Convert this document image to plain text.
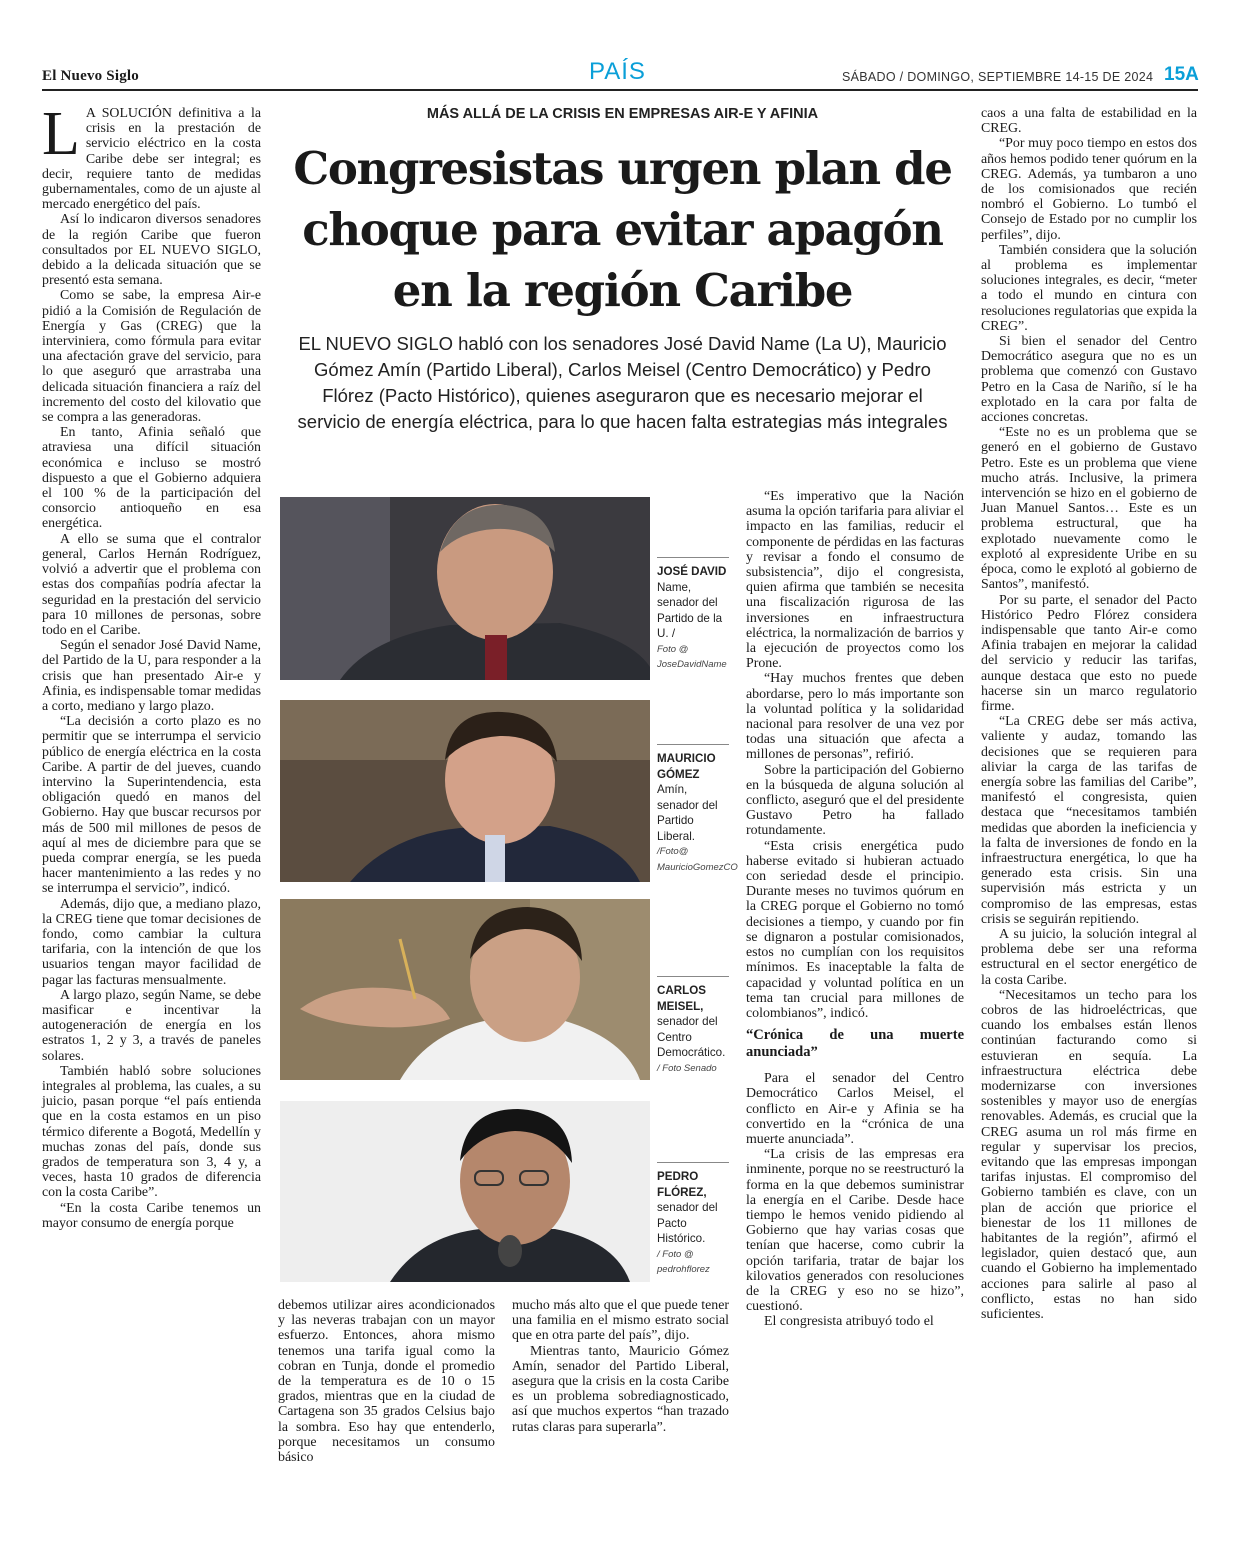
El Nuevo Siglo	PAÍS	SÁBADO / DOMINGO, SEPTIEMBRE 14-15 DE 2024 15A

L A SOLUCIÓN definitiva a la crisis en la prestación de servicio eléctrico en la costa Caribe debe ser integral; es decir, requiere tanto de medidas gubernamentales, como de un ajuste al mercado energético del país.

Así lo indicaron diversos senadores de la región Caribe que fueron consultados por EL NUEVO SIGLO, debido a la delicada situación que se presentó esta semana.

Como se sabe, la empresa Air-e pidió a la Comisión de Regulación de Energía y Gas (CREG) que la interviniera, como fórmula para evitar una afectación grave del servicio, para lo que aseguró que arrastraba una delicada situación financiera a raíz del incremento del costo del kilovatio que se compra a las generadoras.

En tanto, Afinia señaló que atraviesa una difícil situación económica e incluso se mostró dispuesto a que el Gobierno adquiera el 100 % de la participación del consorcio antioqueño en esa energética.

A ello se suma que el contralor general, Carlos Hernán Rodríguez, volvió a advertir que el problema con estas dos compañías podría afectar la seguridad en la prestación del servicio para 10 millones de personas, sobre todo en el Caribe.

Según el senador José David Name, del Partido de la U, para responder a la crisis que han presentado Air-e y Afinia, es indispensable tomar medidas a corto, mediano y largo plazo.

“La decisión a corto plazo es no permitir que se interrumpa el servicio público de energía eléctrica en la costa Caribe. A partir de del jueves, cuando intervino la Superintendencia, esta obligación quedó en manos del Gobierno. Hay que buscar recursos por más de 500 mil millones de pesos de aquí al mes de diciembre para que se pueda comprar energía, se les pueda hacer mantenimiento a las redes y no se interrumpa el servicio”, indicó.

Además, dijo que, a mediano plazo, la CREG tiene que tomar decisiones de fondo, como cambiar la cultura tarifaria, con la intención de que los usuarios tengan mayor facilidad de pagar las facturas mensualmente.

A largo plazo, según Name, se debe masificar e incentivar la autogeneración de energía en los estratos 1, 2 y 3, a través de paneles solares.

También habló sobre soluciones integrales al problema, las cuales, a su juicio, pasan porque “el país entienda que en la costa estamos en un piso térmico diferente a Bogotá, Medellín y muchas zonas del país, donde sus grados de temperatura son 3, 4 y, a veces, hasta 10 grados de diferencia con la costa Caribe”.

“En la costa Caribe tenemos un mayor consumo de energía porque

MÁS ALLÁ DE LA CRISIS EN EMPRESAS AIR-E Y AFINIA
Congresistas urgen plan de choque para evitar apagón en la región Caribe
EL NUEVO SIGLO habló con los senadores José David Name (La U), Mauricio Gómez Amín (Partido Liberal), Carlos Meisel (Centro Democrático) y Pedro Flórez (Pacto Histórico), quienes aseguraron que es necesario mejorar el servicio de energía eléctrica, para lo que hacen falta estrategias más integrales
JOSÉ DAVID
Name, senador del Partido de la U. /
Foto @ JoseDavidName
MAURICIO GÓMEZ
Amín, senador del Partido Liberal.
/Foto@ MauricioGomezCO
CARLOS MEISEL,
senador del Centro Democrático.
/ Foto Senado
PEDRO FLÓREZ,
senador del Pacto Histórico.
/ Foto @ pedrohflorez

debemos utilizar aires acondicionados y las neveras trabajan con un mayor esfuerzo. Entonces, ahora mismo tenemos una tarifa igual como la cobran en Tunja, donde el promedio de la temperatura es de 10 o 15 grados, mientras que en la ciudad de Cartagena son 35 grados Celsius bajo la sombra. Eso hay que entenderlo, porque necesitamos un consumo básico

mucho más alto que el que puede tener una familia en el mismo estrato social que en otra parte del país”, dijo.

Mientras tanto, Mauricio Gómez Amín, senador del Partido Liberal, asegura que la crisis en la costa Caribe es un problema sobrediagnosticado, así que muchos expertos “han trazado rutas claras para superarla”.

“Es imperativo que la Nación asuma la opción tarifaria para aliviar el impacto en las familias, reducir el componente de pérdidas en las facturas y revisar a fondo el consumo de subsistencia”, dijo el congresista, quien afirma que también se necesita una fiscalización rigurosa de las inversiones en infraestructura eléctrica, la normalización de barrios y la ejecución de proyectos como los Prone.

“Hay muchos frentes que deben abordarse, pero lo más importante son la voluntad política y la solidaridad nacional para resolver de una vez por todas una situación que afecta a millones de personas”, refirió.

Sobre la participación del Gobierno en la búsqueda de alguna solución al conflicto, aseguró que el del presidente Gustavo Petro ha fallado rotundamente.

“Esta crisis energética pudo haberse evitado si hubieran actuado con seriedad desde el principio. Durante meses no tuvimos quórum en la CREG porque el Gobierno no tomó decisiones a tiempo, y cuando por fin se dignaron a postular comisionados, estos no cumplían con los requisitos mínimos. Es inaceptable la falta de capacidad y voluntad política en un tema tan crucial para millones de colombianos”, indicó.

“Crónica de una muerte anunciada”

Para el senador del Centro Democrático Carlos Meisel, el conflicto en Air-e y Afinia se ha convertido en la “crónica de una muerte anunciada”.

“La crisis de las empresas era inminente, porque no se reestructuró la forma en la que debemos suministrar la energía en el Caribe. Desde hace tiempo le hemos venido pidiendo al Gobierno que hay varias cosas que tenían que hacerse, como cubrir la opción tarifaria, tratar de bajar los kilovatios generados con resoluciones de la CREG y eso no se hizo”, cuestionó.

El congresista atribuyó todo el

caos a una falta de estabilidad en la CREG.

“Por muy poco tiempo en estos dos años hemos podido tener quórum en la CREG. Además, ya tumbaron a uno de los comisionados que recién nombró el Gobierno. Lo tumbó el Consejo de Estado por no cumplir los perfiles”, dijo.

También considera que la solución al problema es implementar soluciones integrales, es decir, “meter a todo el mundo en cintura con resoluciones regulatorias que expida la CREG”.

Si bien el senador del Centro Democrático asegura que no es un problema que comenzó con Gustavo Petro en la Casa de Nariño, sí le ha explotado en la cara por falta de acciones concretas.

“Este no es un problema que se generó en el gobierno de Gustavo Petro. Este es un problema que viene mucho atrás. Inclusive, la primera intervención se hizo en el gobierno de Juan Manuel Santos… Este es un problema estructural, que ha explotado nuevamente como le explotó al expresidente Uribe en su época, como le explotó al gobierno de Santos”, manifestó.

Por su parte, el senador del Pacto Histórico Pedro Flórez considera indispensable que tanto Air-e como Afinia trabajen en mejorar la calidad del servicio y reducir las tarifas, aunque destaca que esto no puede hacerse sin un marco regulatorio firme.

“La CREG debe ser más activa, valiente y audaz, tomando las decisiones que se requieren para aliviar la carga de las tarifas de energía sobre las familias del Caribe”, manifestó el congresista, quien destaca que “necesitamos también medidas que aborden la ineficiencia y la falta de inversiones de fondo en la infraestructura energética, lo que ha generado esta crisis. Sin una supervisión más estricta y un compromiso de las empresas, estas crisis se seguirán repitiendo.

A su juicio, la solución integral al problema debe ser una reforma estructural en el sector energético de la costa Caribe.

“Necesitamos un techo para los cobros de las hidroeléctricas, que cuando los embalses están llenos continúan facturando como si estuvieran en sequía. La infraestructura eléctrica debe modernizarse con inversiones sostenibles y mayor uso de energías renovables. Además, es crucial que la CREG asuma un rol más firme en regular y supervisar los precios, evitando que las empresas impongan tarifas injustas. El compromiso del Gobierno también es clave, con un plan de acción que priorice el bienestar de los 11 millones de habitantes de la región”, afirmó el legislador, quien destacó que, aun cuando el Gobierno ha implementado acciones para salirle al paso al conflicto, estas no han sido suficientes.
